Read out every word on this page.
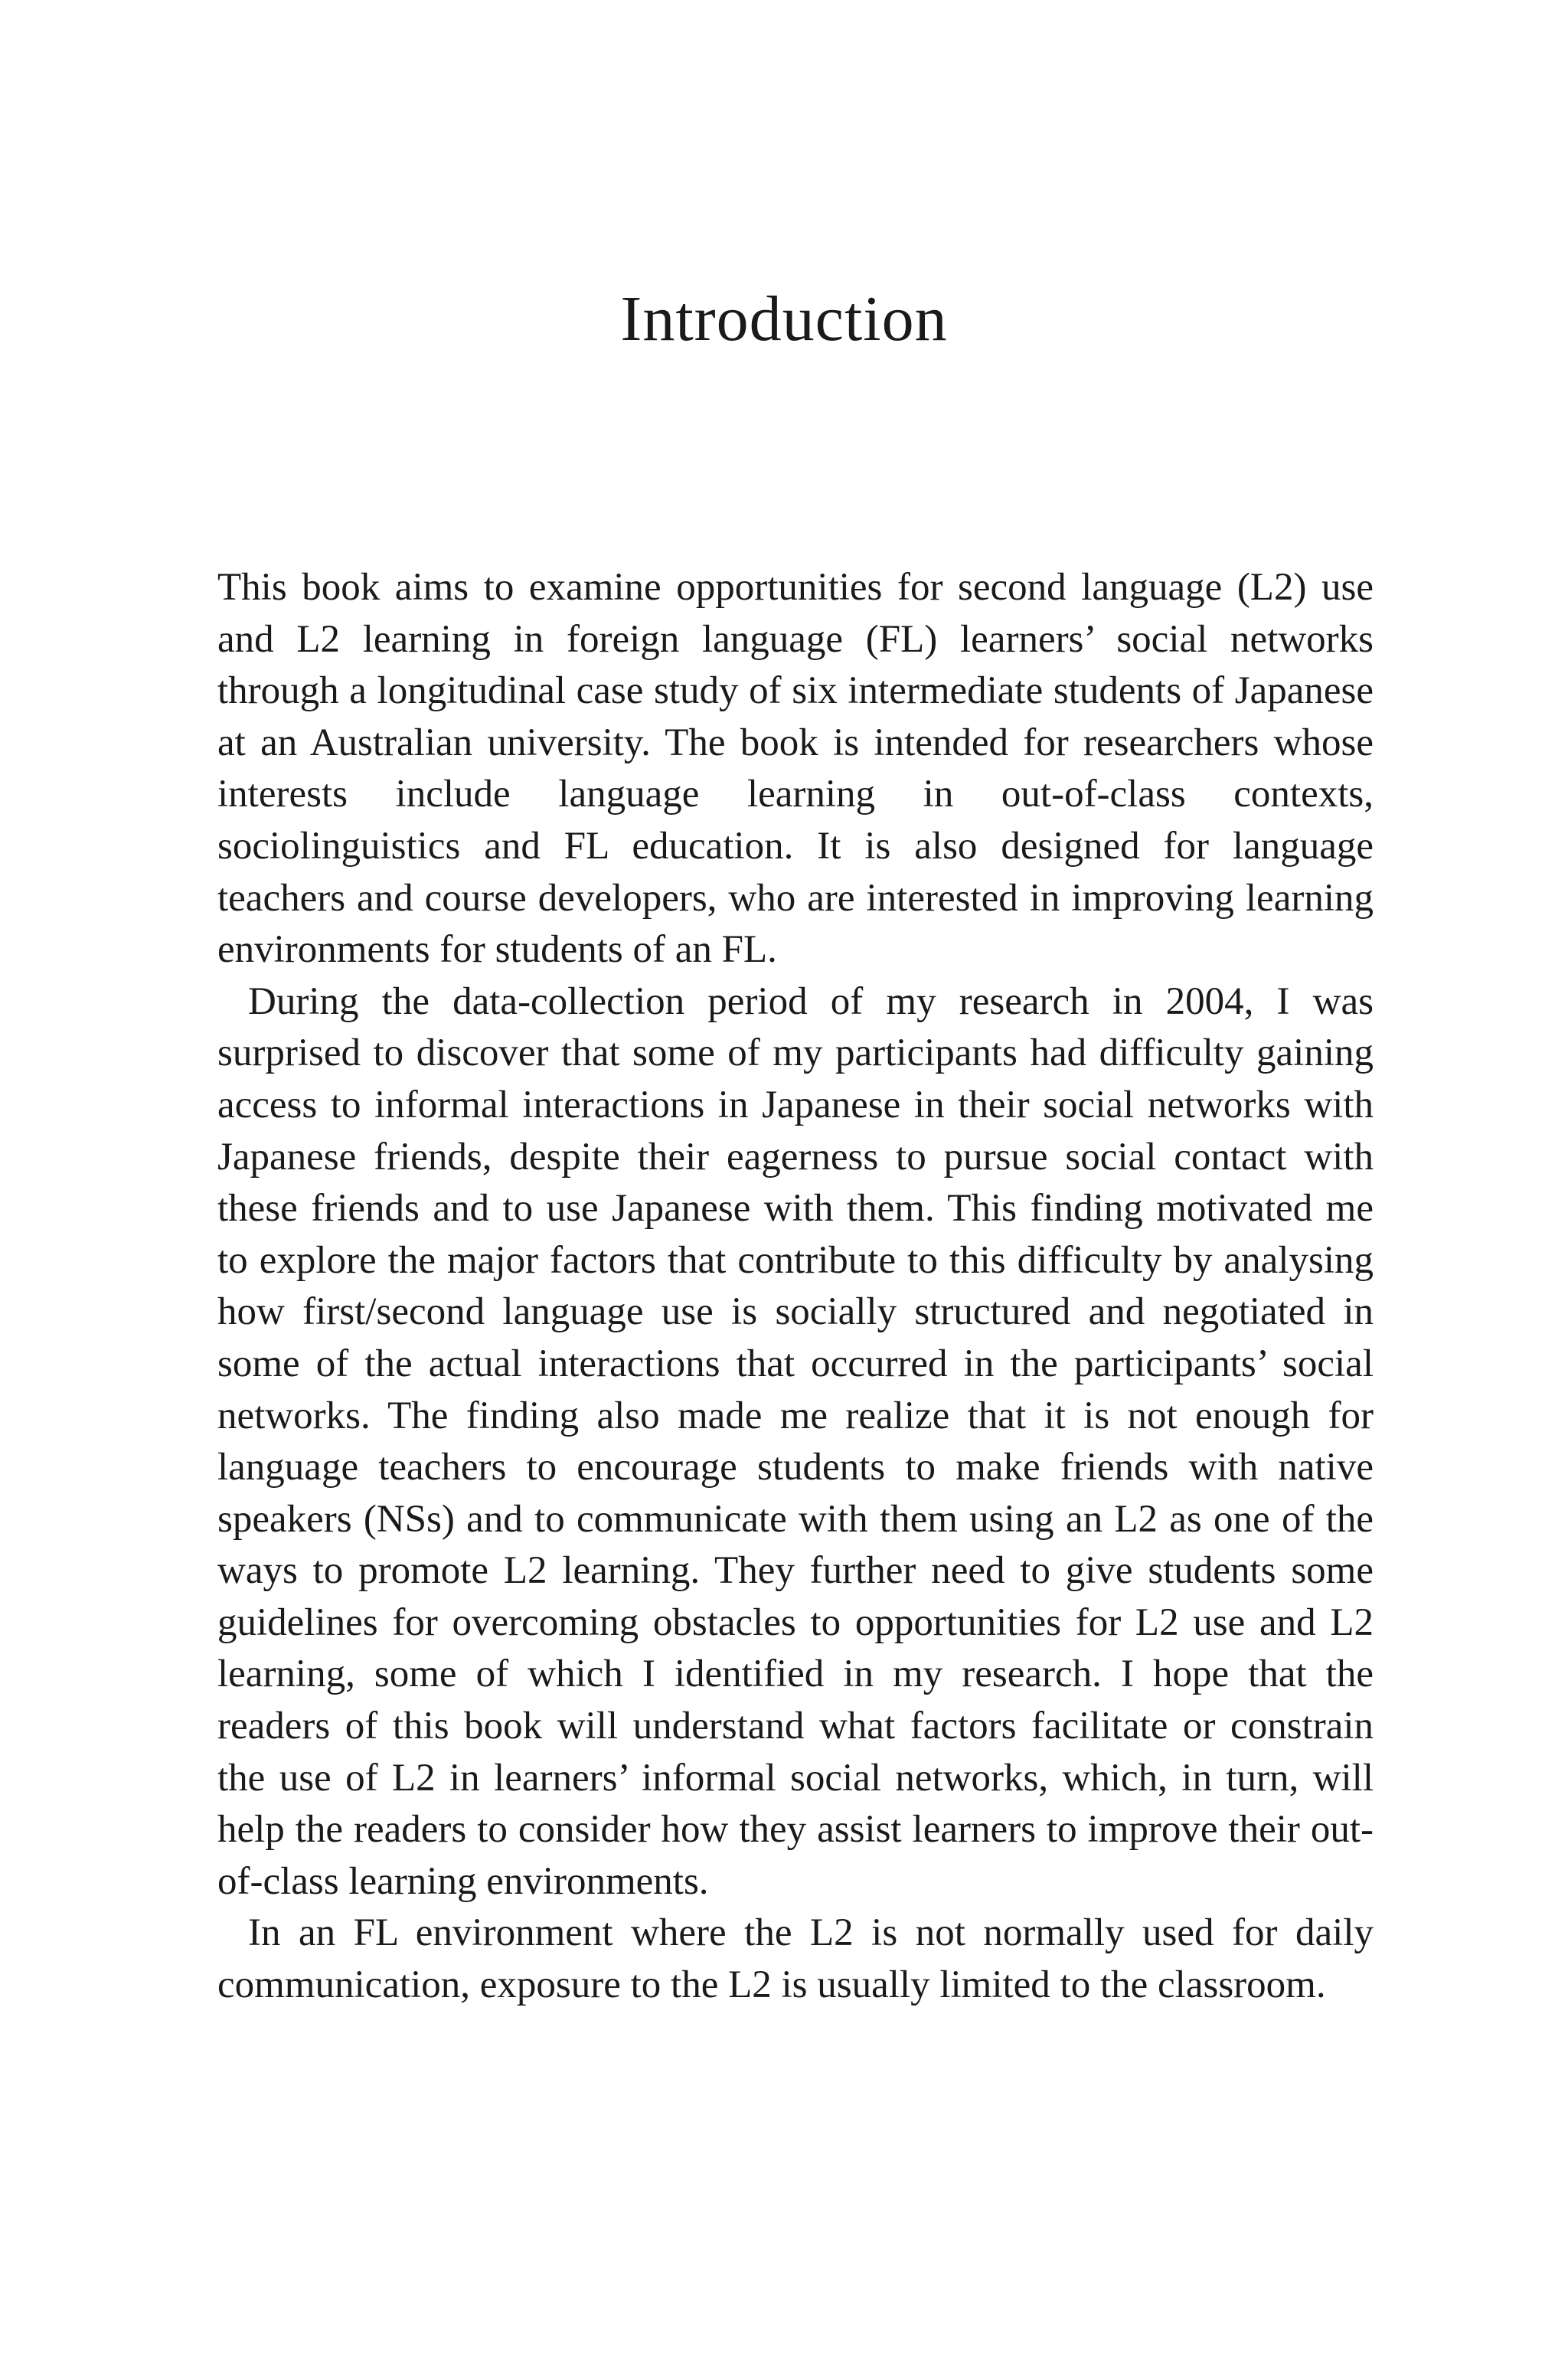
Introduction

This book aims to examine opportunities for second language (L2) use and L2 learning in foreign language (FL) learners’ social networks through a longitudinal case study of six intermediate students of Japanese at an Australian university. The book is intended for researchers whose interests include language learning in out-of-class contexts, sociolinguistics and FL education. It is also designed for language teachers and course developers, who are interested in improving learning environments for students of an FL.

During the data-collection period of my research in 2004, I was surprised to discover that some of my participants had difficulty gaining access to informal interactions in Japanese in their social networks with Japanese friends, despite their eagerness to pursue social contact with these friends and to use Japanese with them. This finding motivated me to explore the major factors that contribute to this difficulty by analysing how first/second language use is socially structured and negotiated in some of the actual interactions that occurred in the participants’ social networks. The finding also made me realize that it is not enough for language teachers to encourage students to make friends with native speakers (NSs) and to communicate with them using an L2 as one of the ways to promote L2 learning. They further need to give students some guidelines for overcoming obstacles to opportunities for L2 use and L2 learning, some of which I identified in my research. I hope that the readers of this book will understand what factors facilitate or constrain the use of L2 in learners’ informal social networks, which, in turn, will help the readers to consider how they assist learners to improve their out-of-class learning environments.

In an FL environment where the L2 is not normally used for daily communication, exposure to the L2 is usually limited to the classroom.
